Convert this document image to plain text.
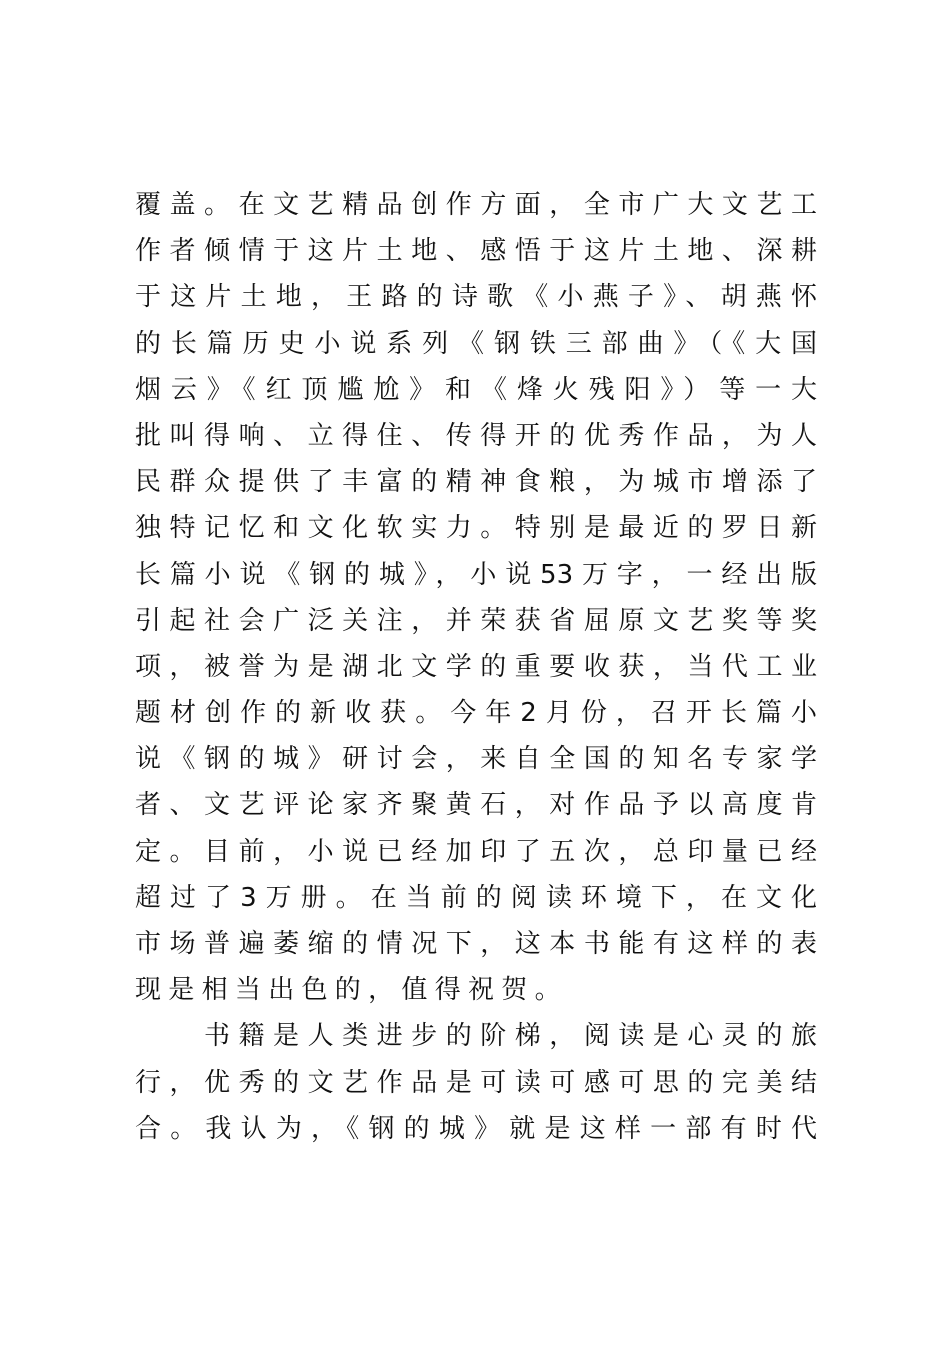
覆盖。在文艺精品创作方面，全市广大文艺工
作者倾情于这片土地、感悟于这片土地、深耕
于这片土地，王路的诗歌《小燕子》、胡燕怀
的长篇历史小说系列《钢铁三部曲》（《大国
烟云》《红顶尴尬》和《烽火残阳》）等一大
批叫得响、立得住、传得开的优秀作品，为人
民群众提供了丰富的精神食粮，为城市增添了
独特记忆和文化软实力。特别是最近的罗日新
长篇小说《钢的城》，小说53万字，一经出版
引起社会广泛关注，并荣获省屈原文艺奖等奖
项，被誉为是湖北文学的重要收获，当代工业
题材创作的新收获。今年2月份，召开长篇小
说《钢的城》研讨会，来自全国的知名专家学
者、文艺评论家齐聚黄石，对作品予以高度肯
定。目前，小说已经加印了五次，总印量已经
超过了3万册。在当前的阅读环境下，在文化
市场普遍萎缩的情况下，这本书能有这样的表
现是相当出色的，值得祝贺。
书籍是人类进步的阶梯，阅读是心灵的旅
行，优秀的文艺作品是可读可感可思的完美结
合。我认为，《钢的城》就是这样一部有时代
